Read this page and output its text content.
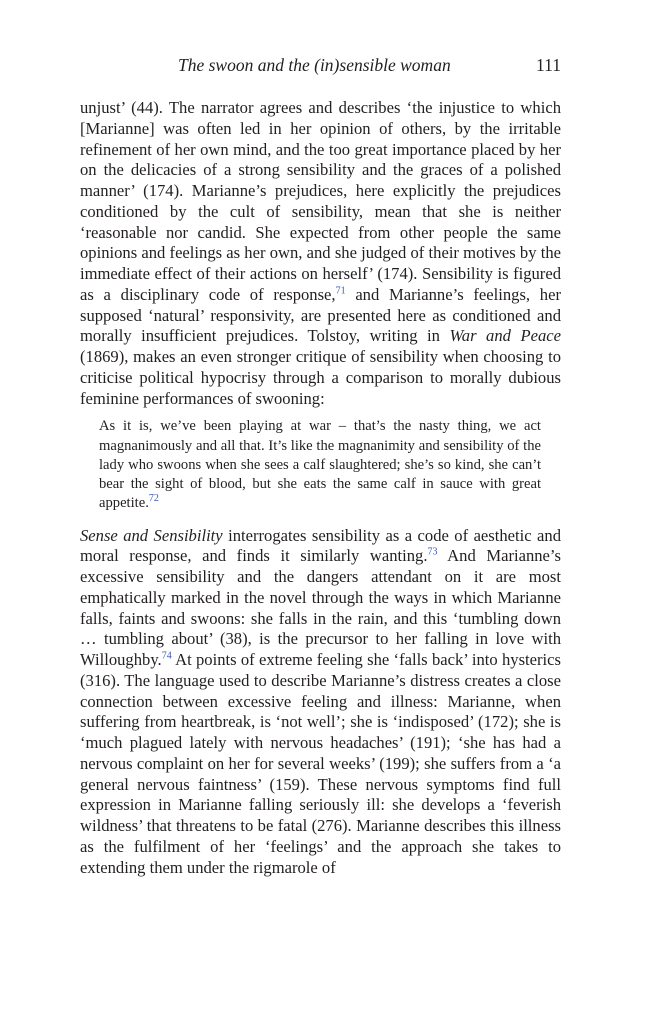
The swoon and the (in)sensible woman	111

unjust’ (44). The narrator agrees and describes ‘the injustice to which [Marianne] was often led in her opinion of others, by the irritable refinement of her own mind, and the too great importance placed by her on the delicacies of a strong sensibility and the graces of a polished manner’ (174). Marianne’s prejudices, here explicitly the prejudices conditioned by the cult of sensibility, mean that she is neither ‘reasonable nor candid. She expected from other people the same opinions and feelings as her own, and she judged of their motives by the immediate effect of their actions on herself’ (174). Sensibility is figured as a disciplinary code of response,$^{71}$ and Marianne’s feelings, her supposed ‘natural’ responsivity, are presented here as conditioned and morally insufficient prejudices. Tolstoy, writing in War and Peace (1869), makes an even stronger critique of sensibility when choosing to criticise political hypocrisy through a comparison to morally dubious feminine performances of swooning:

As it is, we’ve been playing at war – that’s the nasty thing, we act magnanimously and all that. It’s like the magnanimity and sensibility of the lady who swoons when she sees a calf slaughtered; she’s so kind, she can’t bear the sight of blood, but she eats the same calf in sauce with great appetite.$^{72}$

Sense and Sensibility interrogates sensibility as a code of aesthetic and moral response, and finds it similarly wanting.$^{73}$ And Marianne’s excessive sensibility and the dangers attendant on it are most emphatically marked in the novel through the ways in which Marianne falls, faints and swoons: she falls in the rain, and this ‘tumbling down … tumbling about’ (38), is the precursor to her falling in love with Willoughby.$^{74}$ At points of extreme feeling she ‘falls back’ into hysterics (316). The language used to describe Marianne’s distress creates a close connection between excessive feeling and illness: Marianne, when suffering from heartbreak, is ‘not well’; she is ‘indisposed’ (172); she is ‘much plagued lately with nervous headaches’ (191); ‘she has had a nervous complaint on her for several weeks’ (199); she suffers from a ‘a general nervous faintness’ (159). These nervous symptoms find full expression in Marianne falling seriously ill: she develops a ‘feverish wildness’ that threatens to be fatal (276). Marianne describes this illness as the fulfilment of her ‘feelings’ and the approach she takes to extending them under the rigmarole of
